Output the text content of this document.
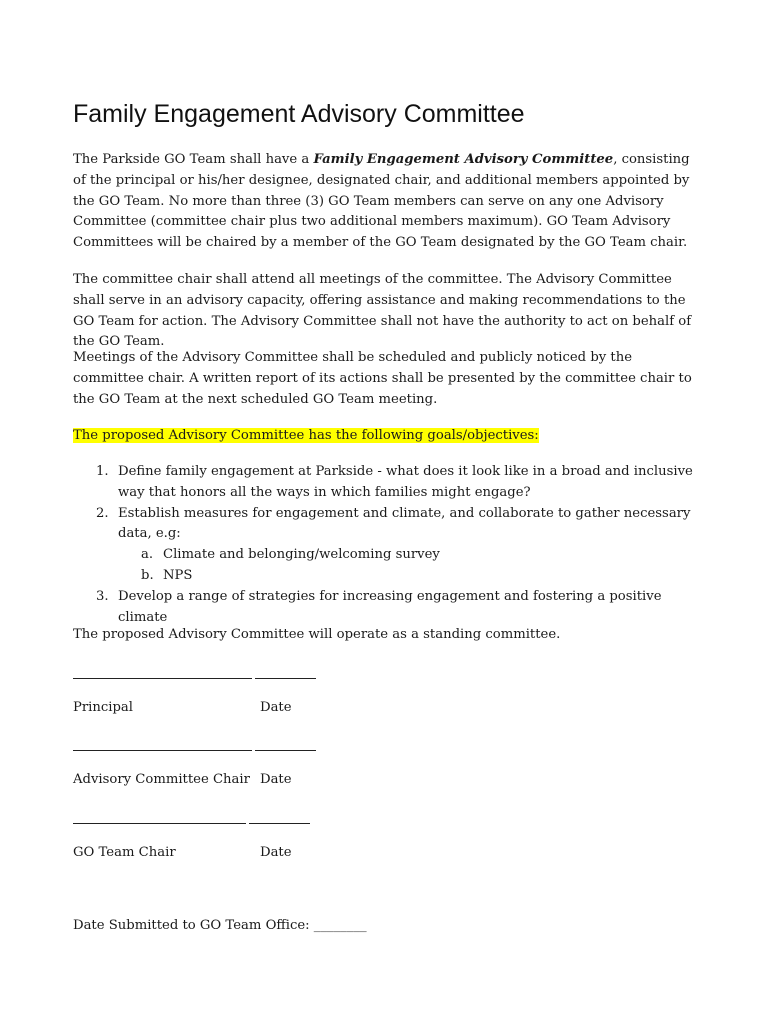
Family Engagement Advisory Committee

The Parkside GO Team shall have a Family Engagement Advisory Committee, consisting of the principal or his/her designee, designated chair, and additional members appointed by the GO Team. No more than three (3) GO Team members can serve on any one Advisory Committee (committee chair plus two additional members maximum). GO Team Advisory Committees will be chaired by a member of the GO Team designated by the GO Team chair.

The committee chair shall attend all meetings of the committee. The Advisory Committee shall serve in an advisory capacity, offering assistance and making recommendations to the GO Team for action. The Advisory Committee shall not have the authority to act on behalf of the GO Team.

Meetings of the Advisory Committee shall be scheduled and publicly noticed by the committee chair. A written report of its actions shall be presented by the committee chair to the GO Team at the next scheduled GO Team meeting.

The proposed Advisory Committee has the following goals/objectives:

1. Define family engagement at Parkside - what does it look like in a broad and inclusive way that honors all the ways in which families might engage?
2. Establish measures for engagement and climate, and collaborate to gather necessary data, e.g:
a. Climate and belonging/welcoming survey
b. NPS
3. Develop a range of strategies for increasing engagement and fostering a positive climate

The proposed Advisory Committee will operate as a standing committee.

Principal	Date
Advisory Committee Chair Date
GO Team Chair	Date
Date Submitted to GO Team Office: ________
